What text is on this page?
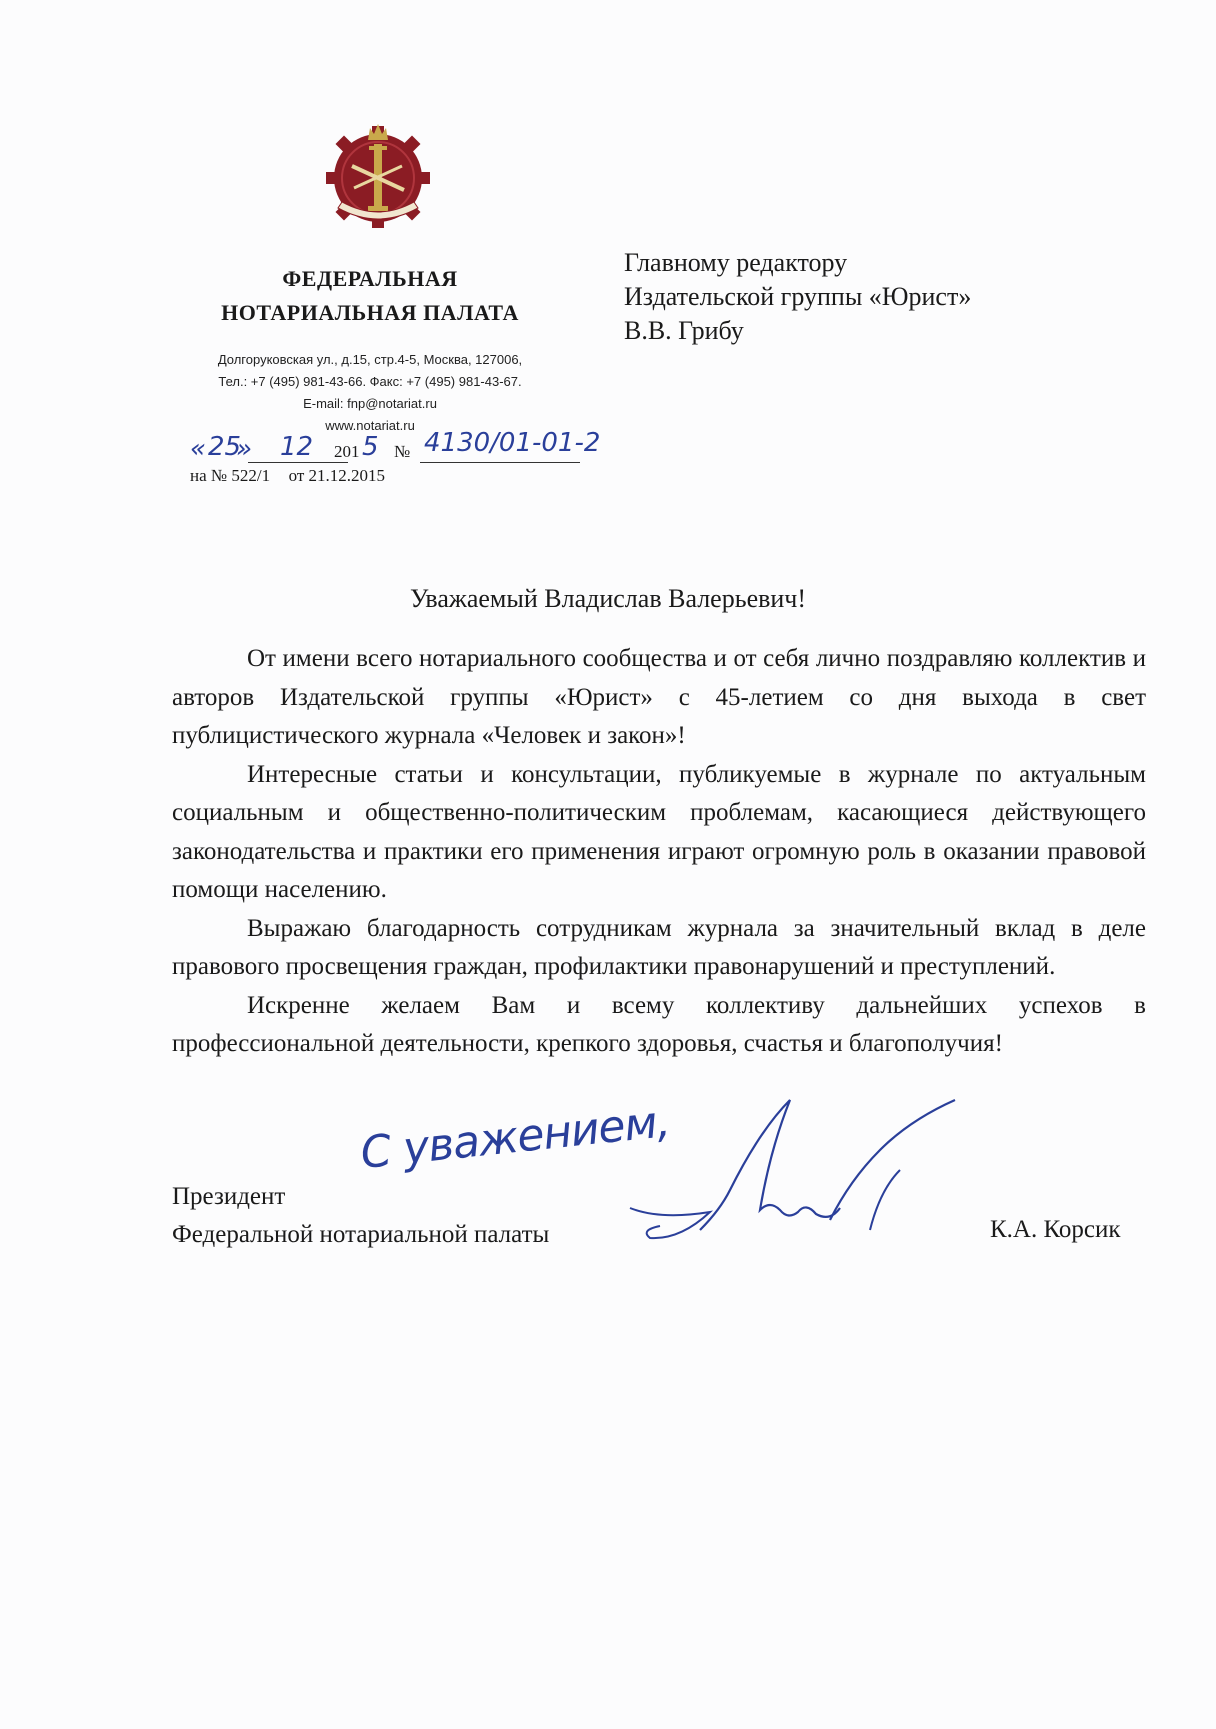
ФЕДЕРАЛЬНАЯ
НОТАРИАЛЬНАЯ ПАЛАТА
Долгоруковская ул., д.15, стр.4-5, Москва, 127006,
Тел.: +7 (495) 981-43-66. Факс: +7 (495) 981-43-67.
E-mail: fnp@notariat.ru
www.notariat.ru
« 25
» 12 201 5 № 4130/01-01-2
на № 522/1 от 21.12.2015
Главному редактору
Издательской группы «Юрист»
В.В. Грибу
Уважаемый Владислав Валерьевич!

От имени всего нотариального сообщества и от себя лично поздравляю коллектив и авторов Издательской группы «Юрист» с 45-летием со дня выхода в свет публицистического журнала «Человек и закон»!

Интересные статьи и консультации, публикуемые в журнале по актуальным социальным и общественно-политическим проблемам, касающиеся действующего законодательства и практики его применения играют огромную роль в оказании правовой помощи населению.

Выражаю благодарность сотрудникам журнала за значительный вклад в деле правового просвещения граждан, профилактики правонарушений и преступлений.

Искренне желаем Вам и всему коллективу дальнейших успехов в профессиональной деятельности, крепкого здоровья, счастья и благополучия!

С уважением,
Президент
Федеральной нотариальной палаты	К.А. Корсик
